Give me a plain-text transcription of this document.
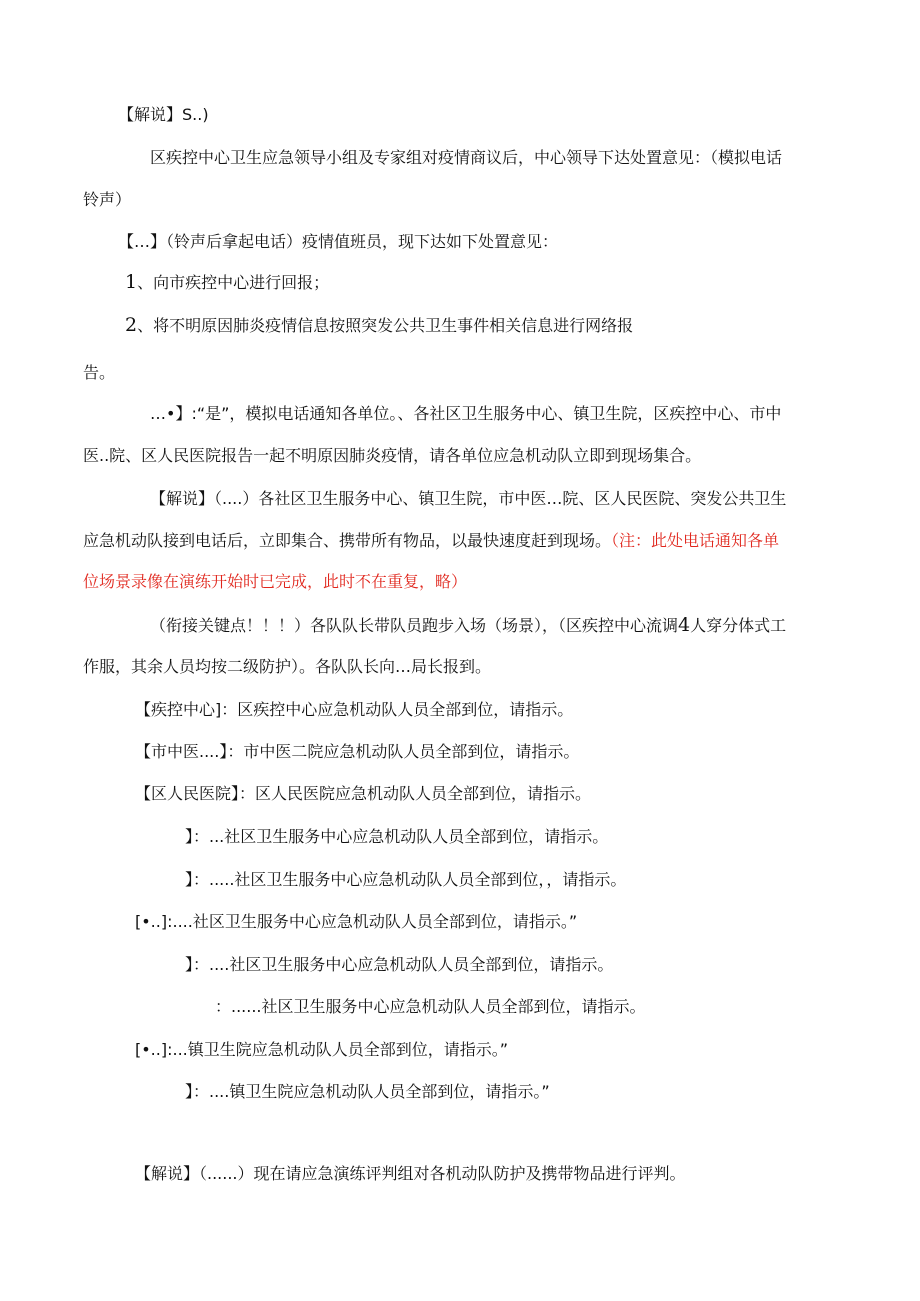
【解说】S..)
区疾控中心卫生应急领导小组及专家组对疫情商议后，中心领导下达处置意见：（模拟电话
铃声）
【…】（铃声后拿起电话）疫情值班员，现下达如下处置意见：
1、向市疾控中心进行回报；
2、将不明原因肺炎疫情信息按照突发公共卫生事件相关信息进行网络报
告。
…•】:“是”，模拟电话通知各单位。、各社区卫生服务中心、镇卫生院，区疾控中心、市中
医..院、区人民医院报告一起不明原因肺炎疫情，请各单位应急机动队立即到现场集合。
【解说】（....）各社区卫生服务中心、镇卫生院，市中医…院、区人民医院、突发公共卫生
应急机动队接到电话后，立即集合、携带所有物品，以最快速度赶到现场。（注：此处电话通知各单
位场景录像在演练开始时已完成，此时不在重复，略）
（衔接关键点！！！）各队队长带队员跑步入场（场景），（区疾控中心流调4人穿分体式工
作服，其余人员均按二级防护）。各队队长向…局长报到。
【疾控中心]：区疾控中心应急机动队人员全部到位，请指示。
【市中医....】：市中医二院应急机动队人员全部到位，请指示。
【区人民医院】：区人民医院应急机动队人员全部到位，请指示。
】：...社区卫生服务中心应急机动队人员全部到位，请指示。
】：.....社区卫生服务中心应急机动队人员全部到位，，请指示。
[•..]:....社区卫生服务中心应急机动队人员全部到位，请指示。”
】：....社区卫生服务中心应急机动队人员全部到位，请指示。
：......社区卫生服务中心应急机动队人员全部到位，请指示。
[•..]:...镇卫生院应急机动队人员全部到位，请指示。”
】：....镇卫生院应急机动队人员全部到位，请指示。”
【解说】（......）现在请应急演练评判组对各机动队防护及携带物品进行评判。
